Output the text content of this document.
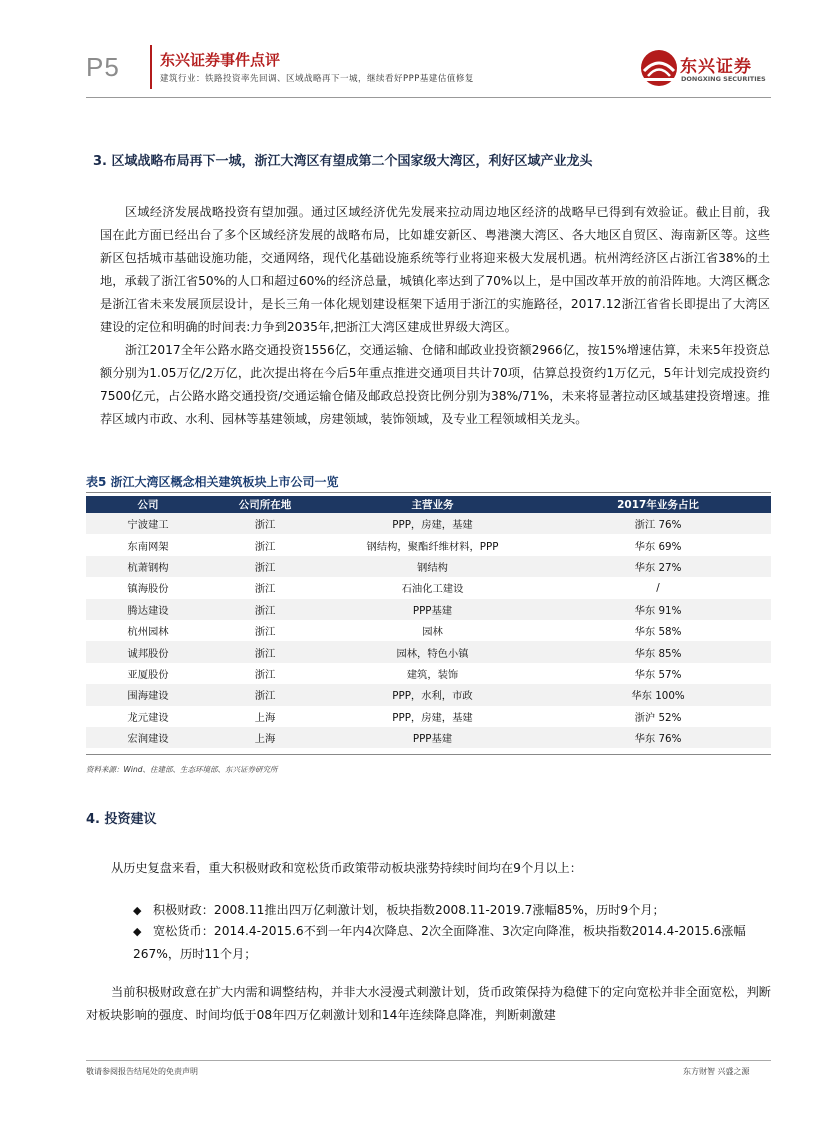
P5	东兴证券事件点评
建筑行业：铁路投资率先回调、区域战略再下一城，继续看好PPP基建估值修复
东兴证券
DONGXING SECURITIES
3. 区域战略布局再下一城，浙江大湾区有望成第二个国家级大湾区，利好区域产业龙头
区域经济发展战略投资有望加强。通过区域经济优先发展来拉动周边地区经济的战略早已得到有效验证。截止目前，我国在此方面已经出台了多个区域经济发展的战略布局，比如雄安新区、粤港澳大湾区、各大地区自贸区、海南新区等。这些新区包括城市基础设施功能，交通网络，现代化基础设施系统等行业将迎来极大发展机遇。杭州湾经济区占浙江省38%的土地，承载了浙江省50%的人口和超过60%的经济总量，城镇化率达到了70%以上，是中国改革开放的前沿阵地。大湾区概念是浙江省未来发展顶层设计，是长三角一体化规划建设框架下适用于浙江的实施路径，2017.12浙江省省长即提出了大湾区建设的定位和明确的时间表:力争到2035年,把浙江大湾区建成世界级大湾区。
浙江2017全年公路水路交通投资1556亿，交通运输、仓储和邮政业投资额2966亿，按15%增速估算，未来5年投资总额分别为1.05万亿/2万亿，此次提出将在今后5年重点推进交通项目共计70项，估算总投资约1万亿元，5年计划完成投资约7500亿元，占公路水路交通投资/交通运输仓储及邮政总投资比例分别为38%/71%，未来将显著拉动区域基建投资增速。推荐区域内市政、水利、园林等基建领域，房建领域，装饰领域，及专业工程领域相关龙头。
表5 浙江大湾区概念相关建筑板块上市公司一览
公司	公司所在地	主营业务	2017年业务占比
宁波建工	浙江	PPP，房建，基建	浙江 76%
东南网架	浙江	钢结构，聚酯纤维材料，PPP	华东 69%
杭萧钢构	浙江	钢结构	华东 27%
镇海股份	浙江	石油化工建设	/
腾达建设	浙江	PPP基建	华东 91%
杭州园林	浙江	园林	华东 58%
诚邦股份	浙江	园林，特色小镇	华东 85%
亚厦股份	浙江	建筑，装饰	华东 57%
围海建设	浙江	PPP，水利，市政	华东 100%
龙元建设	上海	PPP，房建，基建	浙沪 52%
宏润建设	上海	PPP基建	华东 76%
资料来源：Wind、住建部、生态环境部、东兴证券研究所
4. 投资建议
从历史复盘来看，重大积极财政和宽松货币政策带动板块涨势持续时间均在9个月以上：
◆ 积极财政：2008.11推出四万亿刺激计划，板块指数2008.11-2019.7涨幅85%，历时9个月；
◆ 宽松货币：2014.4-2015.6不到一年内4次降息、2次全面降准、3次定向降准，板块指数2014.4-2015.6涨幅267%，历时11个月；
当前积极财政意在扩大内需和调整结构，并非大水浸漫式刺激计划，货币政策保持为稳健下的定向宽松并非全面宽松，判断对板块影响的强度、时间均低于08年四万亿刺激计划和14年连续降息降准，判断刺激建
敬请参阅报告结尾处的免责声明	东方财智 兴盛之源
